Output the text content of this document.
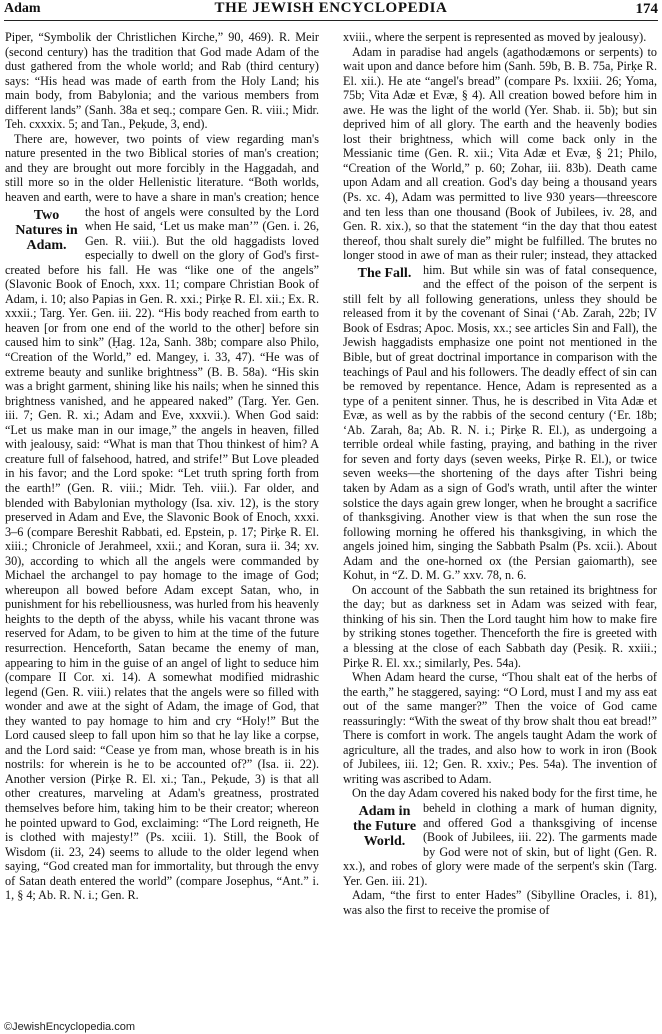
Adam	THE JEWISH ENCYCLOPEDIA	174

Piper, “Symbolik der Christlichen Kirche,” 90, 469). R. Meir (second century) has the tradition that God made Adam of the dust gathered from the whole world; and Rab (third century) says: “His head was made of earth from the Holy Land; his main body, from Babylonia; and the various members from different lands” (Sanh. 38a et seq.; compare Gen. R. viii.; Midr. Teh. cxxxix. 5; and Tan., Peḳude, 3, end).

There are, however, two points of view regarding man's nature presented in the two Biblical stories of man's creation; and they are brought out more forcibly in the Haggadah, and still more so in the older Hellenistic literature. “Both worlds, heaven and earth, were to have a share in man's creation; hence the host of angels were consulted by the
Two
Natures in
Adam.
Lord when He said, ‘Let us make man’” (Gen. i. 26, Gen. R. viii.). But the old haggadists loved especially to dwell on the glory of God's first-created before his fall. He was “like one of the angels” (Slavonic Book of Enoch, xxx. 11; compare Christian Book of Adam, i. 10; also Papias in Gen. R. xxi.; Pirḳe R. El. xii.; Ex. R. xxxii.; Targ. Yer. Gen. iii. 22). “His body reached from earth to heaven [or from one end of the world to the other] before sin caused him to sink” (Ḥag. 12a, Sanh. 38b; compare also Philo, “Creation of the World,” ed. Mangey, i. 33, 47). “He was of extreme beauty and sunlike brightness” (B. B. 58a). “His skin was a bright garment, shining like his nails; when he sinned this brightness vanished, and he appeared naked” (Targ. Yer. Gen. iii. 7; Gen. R. xi.; Adam and Eve, xxxvii.). When God said: “Let us make man in our image,” the angels in heaven, filled with jealousy, said: “What is man that Thou thinkest of him? A creature full of falsehood, hatred, and strife!” But Love pleaded in his favor; and the Lord spoke: “Let truth spring forth from the earth!” (Gen. R. viii.; Midr. Teh. viii.). Far older, and blended with Babylonian mythology (Isa. xiv. 12), is the story preserved in Adam and Eve, the Slavonic Book of Enoch, xxxi. 3–6 (compare Bereshit Rabbati, ed. Epstein, p. 17; Pirḳe R. El. xiii.; Chronicle of Jerahmeel, xxii.; and Koran, sura ii. 34; xv. 30), according to which all the angels were commanded by Michael the archangel to pay homage to the image of God; whereupon all bowed before Adam except Satan, who, in punishment for his rebelliousness, was hurled from his heavenly heights to the depth of the abyss, while his vacant throne was reserved for Adam, to be given to him at the time of the future resurrection. Henceforth, Satan became the enemy of man, appearing to him in the guise of an angel of light to seduce him (compare II Cor. xi. 14). A somewhat modified midrashic legend (Gen. R. viii.) relates that the angels were so filled with wonder and awe at the sight of Adam, the image of God, that they wanted to pay homage to him and cry “Holy!” But the Lord caused sleep to fall upon him so that he lay like a corpse, and the Lord said: “Cease ye from man, whose breath is in his nostrils: for wherein is he to be accounted of?” (Isa. ii. 22). Another version (Pirḳe R. El. xi.; Tan., Peḳude, 3) is that all other creatures, marveling at Adam's greatness, prostrated themselves before him, taking him to be their creator; whereon he pointed upward to God, exclaiming: “The Lord reigneth, He is clothed with majesty!” (Ps. xciii. 1). Still, the Book of Wisdom (ii. 23, 24) seems to allude to the older legend when saying, “God created man for immortality, but through the envy of Satan death entered the world” (compare Josephus, “Ant.” i. 1, § 4; Ab. R. N. i.; Gen. R.

xviii., where the serpent is represented as moved by jealousy).

Adam in paradise had angels (agathodæmons or serpents) to wait upon and dance before him (Sanh. 59b, B. B. 75a, Pirḳe R. El. xii.). He ate “angel's bread” (compare Ps. lxxiii. 26; Yoma, 75b; Vita Adæ et Evæ, § 4). All creation bowed before him in awe. He was the light of the world (Yer. Shab. ii. 5b); but sin deprived him of all glory. The earth and the heavenly bodies lost their brightness, which will come back only in the Messianic time (Gen. R. xii.; Vita Adæ et Evæ, § 21; Philo, “Creation of the World,” p. 60; Zohar, iii. 83b). Death came upon Adam and all creation. God's day being a thousand years (Ps. xc. 4), Adam was permitted to live 930 years—threescore and ten less than one thousand (Book of Jubilees, iv. 28, and Gen. R. xix.), so that the statement “in the day that thou eatest thereof, thou shalt surely die” might be fulfilled. The brutes no longer stood in awe of man as their ruler; instead, they attacked him. But while sin was
The Fall.	of fatal consequence, and the effect of the poison of the serpent is still felt by all following generations, unless they should be released from it by the covenant of Sinai (‘Ab. Zarah, 22b; IV Book of Esdras; Apoc. Mosis, xx.; see articles Sin and Fall), the Jewish haggadists emphasize one point not mentioned in the Bible, but of great doctrinal importance in comparison with the teachings of Paul and his followers. The deadly effect of sin can be removed by repentance. Hence, Adam is represented as a type of a penitent sinner. Thus, he is described in Vita Adæ et Evæ, as well as by the rabbis of the second century (‘Er. 18b; ‘Ab. Zarah, 8a; Ab. R. N. i.; Pirḳe R. El.), as undergoing a terrible ordeal while fasting, praying, and bathing in the river for seven and forty days (seven weeks, Pirḳe R. El.), or twice seven weeks—the shortening of the days after Tishri being taken by Adam as a sign of God's wrath, until after the winter solstice the days again grew longer, when he brought a sacrifice of thanksgiving. Another view is that when the sun rose the following morning he offered his thanksgiving, in which the angels joined him, singing the Sabbath Psalm (Ps. xcii.). About Adam and the one-horned ox (the Persian gaiomarth), see Kohut, in “Z. D. M. G.” xxv. 78, n. 6.

On account of the Sabbath the sun retained its brightness for the day; but as darkness set in Adam was seized with fear, thinking of his sin. Then the Lord taught him how to make fire by striking stones together. Thenceforth the fire is greeted with a blessing at the close of each Sabbath day (Pesiḳ. R. xxiii.; Pirḳe R. El. xx.; similarly, Pes. 54a).

When Adam heard the curse, “Thou shalt eat of the herbs of the earth,” he staggered, saying: “O Lord, must I and my ass eat out of the same manger?” Then the voice of God came reassuringly: “With the sweat of thy brow shalt thou eat bread!” There is comfort in work. The angels taught Adam the work of agriculture, all the trades, and also how to work in iron (Book of Jubilees, iii. 12; Gen. R. xxiv.; Pes. 54a). The invention of writing was ascribed to Adam.

On the day Adam covered his naked body for the first time, he beheld in clothing a mark of human
Adam in
the Future
World.
dignity, and offered God a thanksgiving of incense (Book of Jubilees, iii. 22). The garments made by God were not of skin, but of light (Gen. R. xx.), and robes of glory were made of the serpent's skin (Targ. Yer. Gen. iii. 21).

Adam, “the first to enter Hades” (Sibylline Oracles, i. 81), was also the first to receive the promise of

©JewishEncyclopedia.com
